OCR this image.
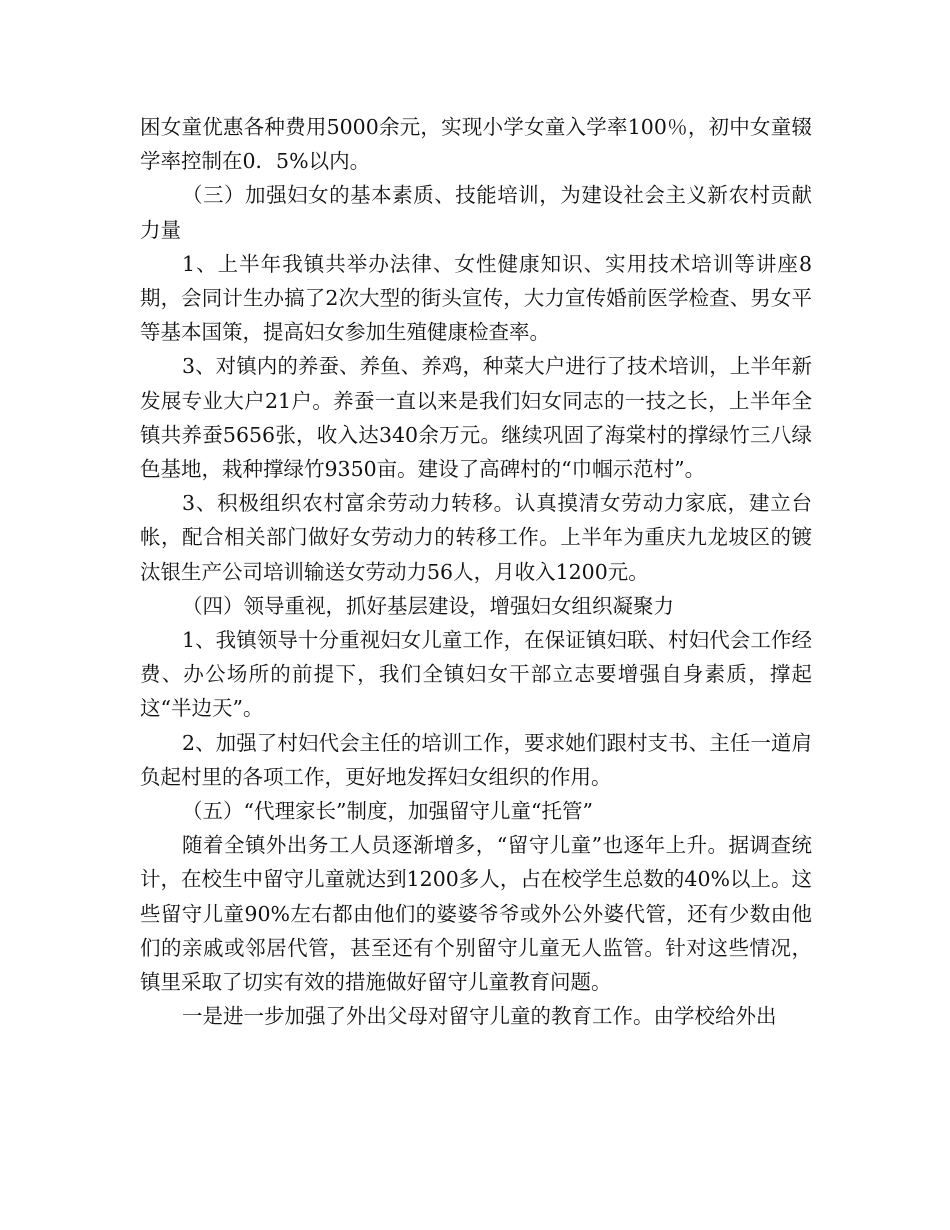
困女童优惠各种费用5000余元，实现小学女童入学率100％，初中女童辍学率控制在0．5%以内。

（三）加强妇女的基本素质、技能培训，为建设社会主义新农村贡献力量

1、上半年我镇共举办法律、女性健康知识、实用技术培训等讲座8期，会同计生办搞了2次大型的街头宣传，大力宣传婚前医学检查、男女平等基本国策，提高妇女参加生殖健康检查率。

3、对镇内的养蚕、养鱼、养鸡，种菜大户进行了技术培训，上半年新发展专业大户21户。养蚕一直以来是我们妇女同志的一技之长，上半年全镇共养蚕5656张，收入达340余万元。继续巩固了海棠村的撑绿竹三八绿色基地，栽种撑绿竹9350亩。建设了高碑村的“巾帼示范村”。

3、积极组织农村富余劳动力转移。认真摸清女劳动力家底，建立台帐，配合相关部门做好女劳动力的转移工作。上半年为重庆九龙坡区的镀汰银生产公司培训输送女劳动力56人，月收入1200元。

（四）领导重视，抓好基层建设，增强妇女组织凝聚力

1、我镇领导十分重视妇女儿童工作，在保证镇妇联、村妇代会工作经费、办公场所的前提下，我们全镇妇女干部立志要增强自身素质，撑起这“半边天”。

2、加强了村妇代会主任的培训工作，要求她们跟村支书、主任一道肩负起村里的各项工作，更好地发挥妇女组织的作用。

（五）“代理家长”制度，加强留守儿童“托管”

随着全镇外出务工人员逐渐增多，“留守儿童”也逐年上升。据调查统计，在校生中留守儿童就达到1200多人，占在校学生总数的40%以上。这些留守儿童90%左右都由他们的婆婆爷爷或外公外婆代管，还有少数由他们的亲戚或邻居代管，甚至还有个别留守儿童无人监管。针对这些情况，镇里采取了切实有效的措施做好留守儿童教育问题。

一是进一步加强了外出父母对留守儿童的教育工作。由学校给外出
